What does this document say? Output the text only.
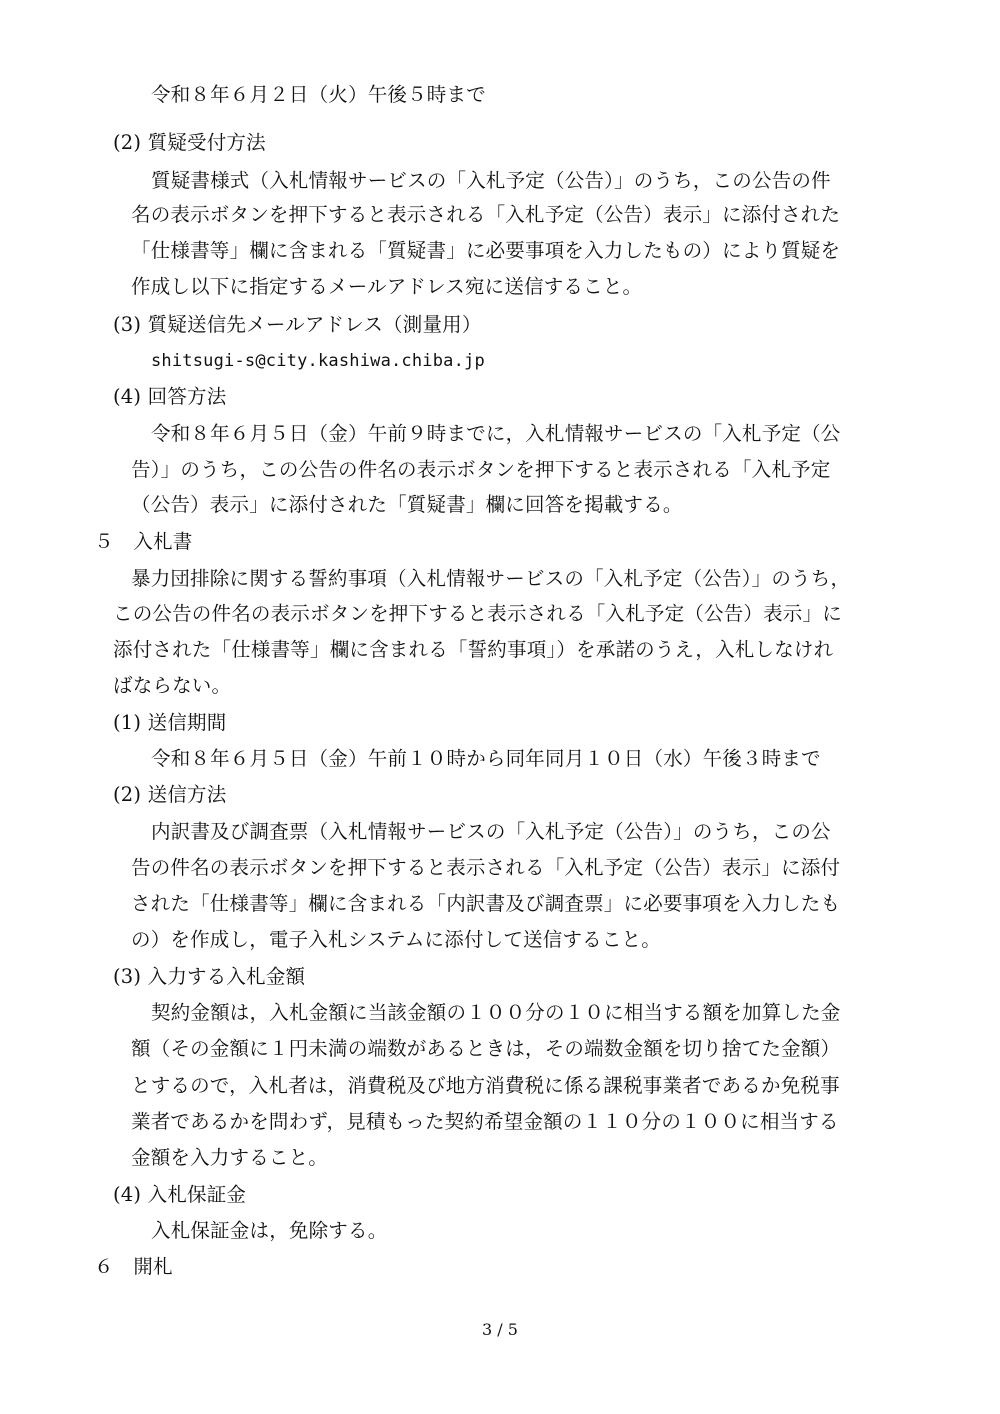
令和８年６月２日（火）午後５時まで
(2) 質疑受付方法
質疑書様式（入札情報サービスの「入札予定（公告）」のうち，この公告の件
名の表示ボタンを押下すると表示される「入札予定（公告）表示」に添付された
「仕様書等」欄に含まれる「質疑書」に必要事項を入力したもの）により質疑を
作成し以下に指定するメールアドレス宛に送信すること。
(3) 質疑送信先メールアドレス（測量用）
shitsugi-s@city.kashiwa.chiba.jp
(4) 回答方法
令和８年６月５日（金）午前９時までに，入札情報サービスの「入札予定（公
告）」のうち，この公告の件名の表示ボタンを押下すると表示される「入札予定
（公告）表示」に添付された「質疑書」欄に回答を掲載する。
５　入札書
暴力団排除に関する誓約事項（入札情報サービスの「入札予定（公告）」のうち，
この公告の件名の表示ボタンを押下すると表示される「入札予定（公告）表示」に
添付された「仕様書等」欄に含まれる「誓約事項」）を承諾のうえ，入札しなけれ
ばならない。
(1) 送信期間
令和８年６月５日（金）午前１０時から同年同月１０日（水）午後３時まで
(2) 送信方法
内訳書及び調査票（入札情報サービスの「入札予定（公告）」のうち，この公
告の件名の表示ボタンを押下すると表示される「入札予定（公告）表示」に添付
された「仕様書等」欄に含まれる「内訳書及び調査票」に必要事項を入力したも
の）を作成し，電子入札システムに添付して送信すること。
(3) 入力する入札金額
契約金額は，入札金額に当該金額の１００分の１０に相当する額を加算した金
額（その金額に１円未満の端数があるときは，その端数金額を切り捨てた金額）
とするので，入札者は，消費税及び地方消費税に係る課税事業者であるか免税事
業者であるかを問わず，見積もった契約希望金額の１１０分の１００に相当する
金額を入力すること。
(4) 入札保証金
入札保証金は，免除する。
６　開札
3 / 5
